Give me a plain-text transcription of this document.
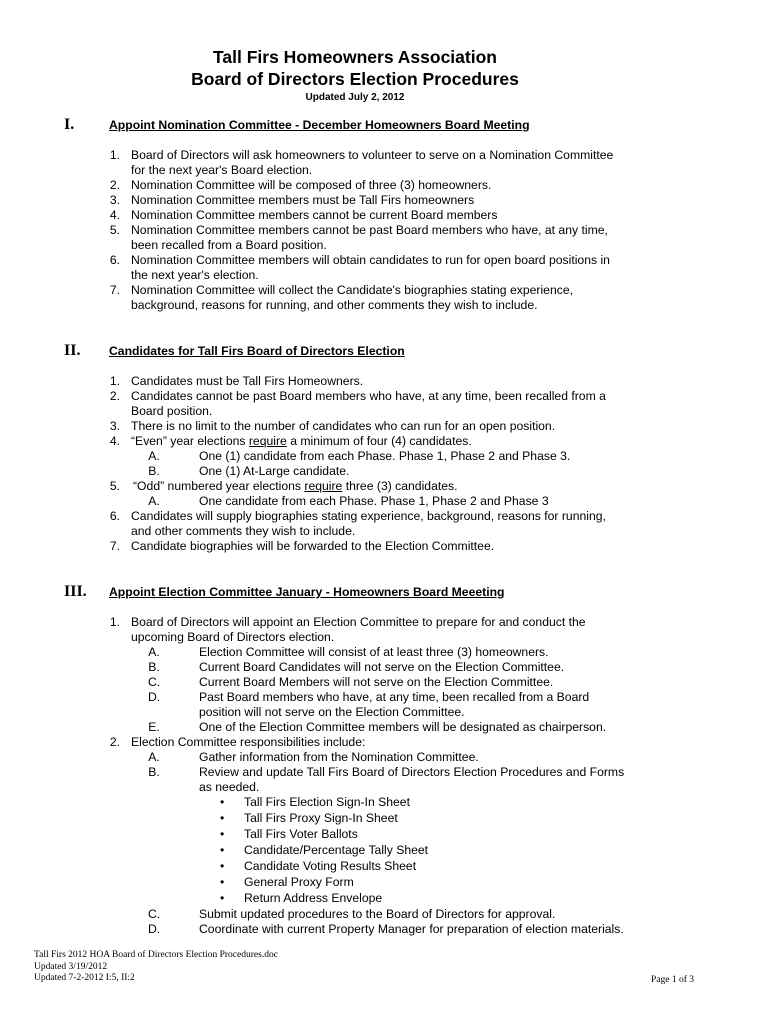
Tall Firs Homeowners Association
Board of Directors Election Procedures
Updated July 2, 2012
I.	Appoint Nomination Committee - December Homeowners Board Meeting
1. Board of Directors will ask homeowners to volunteer to serve on a Nomination Committee
for the next year's Board election.
2. Nomination Committee will be composed of three (3) homeowners.
3. Nomination Committee members must be Tall Firs homeowners
4. Nomination Committee members cannot be current Board members
5. Nomination Committee members cannot be past Board members who have, at any time,
been recalled from a Board position.
6. Nomination Committee members will obtain candidates to run for open board positions in
the next year's election.
7. Nomination Committee will collect the Candidate's biographies stating experience,
background, reasons for running, and other comments they wish to include.
II. Candidates for Tall Firs Board of Directors Election
1. Candidates must be Tall Firs Homeowners.
2. Candidates cannot be past Board members who have, at any time, been recalled from a
Board position.
3. There is no limit to the number of candidates who can run for an open position.
4. “Even” year elections require a minimum of four (4) candidates.
A.	One (1) candidate from each Phase. Phase 1, Phase 2 and Phase 3.
B.	One (1) At-Large candidate.
5. “Odd” numbered year elections require three (3) candidates.
A.	One candidate from each Phase. Phase 1, Phase 2 and Phase 3
6. Candidates will supply biographies stating experience, background, reasons for running,
and other comments they wish to include.
7. Candidate biographies will be forwarded to the Election Committee.
III. Appoint Election Committee January - Homeowners Board Meeeting
1. Board of Directors will appoint an Election Committee to prepare for and conduct the
upcoming Board of Directors election.
A.	Election Committee will consist of at least three (3) homeowners.
B.	Current Board Candidates will not serve on the Election Committee.
C.	Current Board Members will not serve on the Election Committee.
D.	Past Board members who have, at any time, been recalled from a Board
position will not serve on the Election Committee.
E.	One of the Election Committee members will be designated as chairperson.
2. Election Committee responsibilities include:
A.	Gather information from the Nomination Committee.
B.	Review and update Tall Firs Board of Directors Election Procedures and Forms
as needed.
• Tall Firs Election Sign-In Sheet
• Tall Firs Proxy Sign-In Sheet
• Tall Firs Voter Ballots
• Candidate/Percentage Tally Sheet
• Candidate Voting Results Sheet
• General Proxy Form
• Return Address Envelope
C.	Submit updated procedures to the Board of Directors for approval.
D.	Coordinate with current Property Manager for preparation of election materials.
Tall Firs 2012 HOA Board of Directors Election Procedures.doc
Updated 3/19/2012
Updated 7-2-2012 I:5, II:2	Page 1 of 3
